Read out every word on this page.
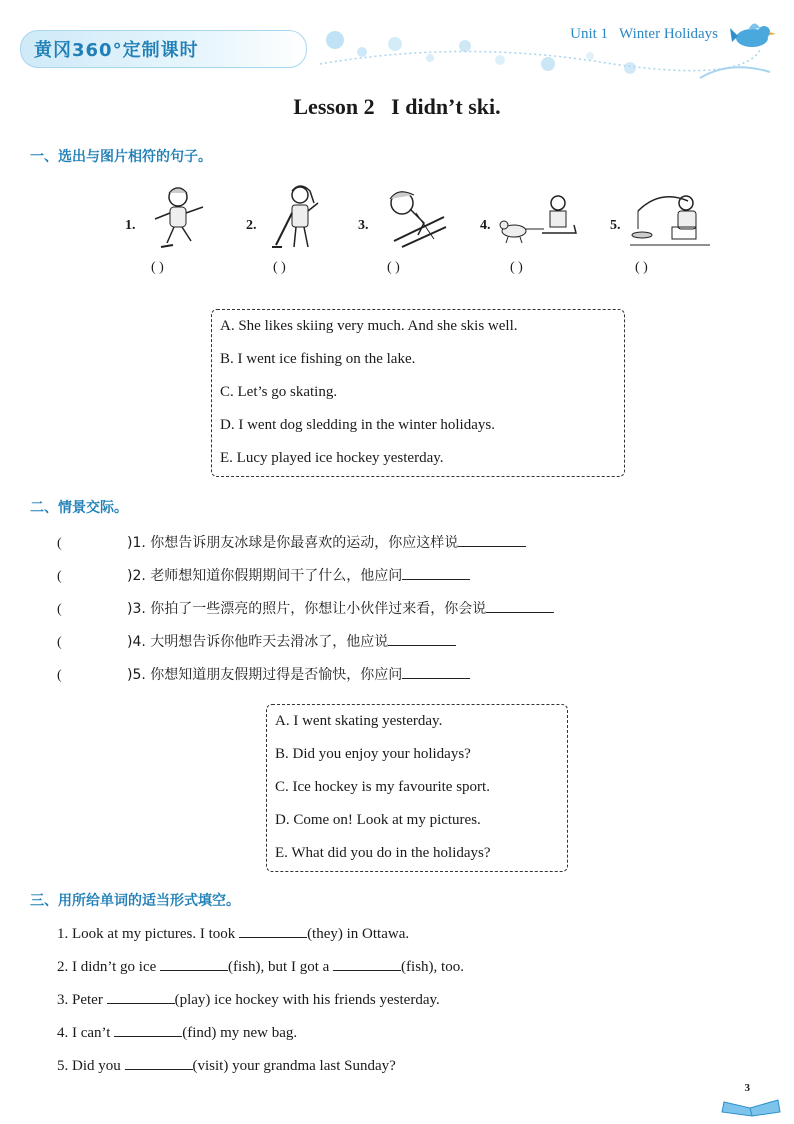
黄冈360°定制课时
Unit 1   Winter Holidays
Lesson 2   I didn’t ski.
一、选出与图片相符的句子。
1.
( )
2.
( )
3.
( )
4.
( )
5.
( )
A. She likes skiing very much. And she skis well.
B. I went ice fishing on the lake.
C. Let’s go skating.
D. I went dog sledding in the winter holidays.
E. Lucy played ice hockey yesterday.
二、情景交际。
(	)1. 你想告诉朋友冰球是你最喜欢的运动，你应这样说
(	)2. 老师想知道你假期期间干了什么，他应问
(	)3. 你拍了一些漂亮的照片，你想让小伙伴过来看，你会说
(	)4. 大明想告诉你他昨天去滑冰了，他应说
(	)5. 你想知道朋友假期过得是否愉快，你应问
A. I went skating yesterday.
B. Did you enjoy your holidays?
C. Ice hockey is my favourite sport.
D. Come on! Look at my pictures.
E. What did you do in the holidays?
三、用所给单词的适当形式填空。
1. Look at my pictures. I took	(they) in Ottawa.
2. I didn’t go ice	(fish), but I got a	(fish), too.
3. Peter	(play) ice hockey with his friends yesterday.
4. I can’t	(find) my new bag.
5. Did you	(visit) your grandma last Sunday?
3
